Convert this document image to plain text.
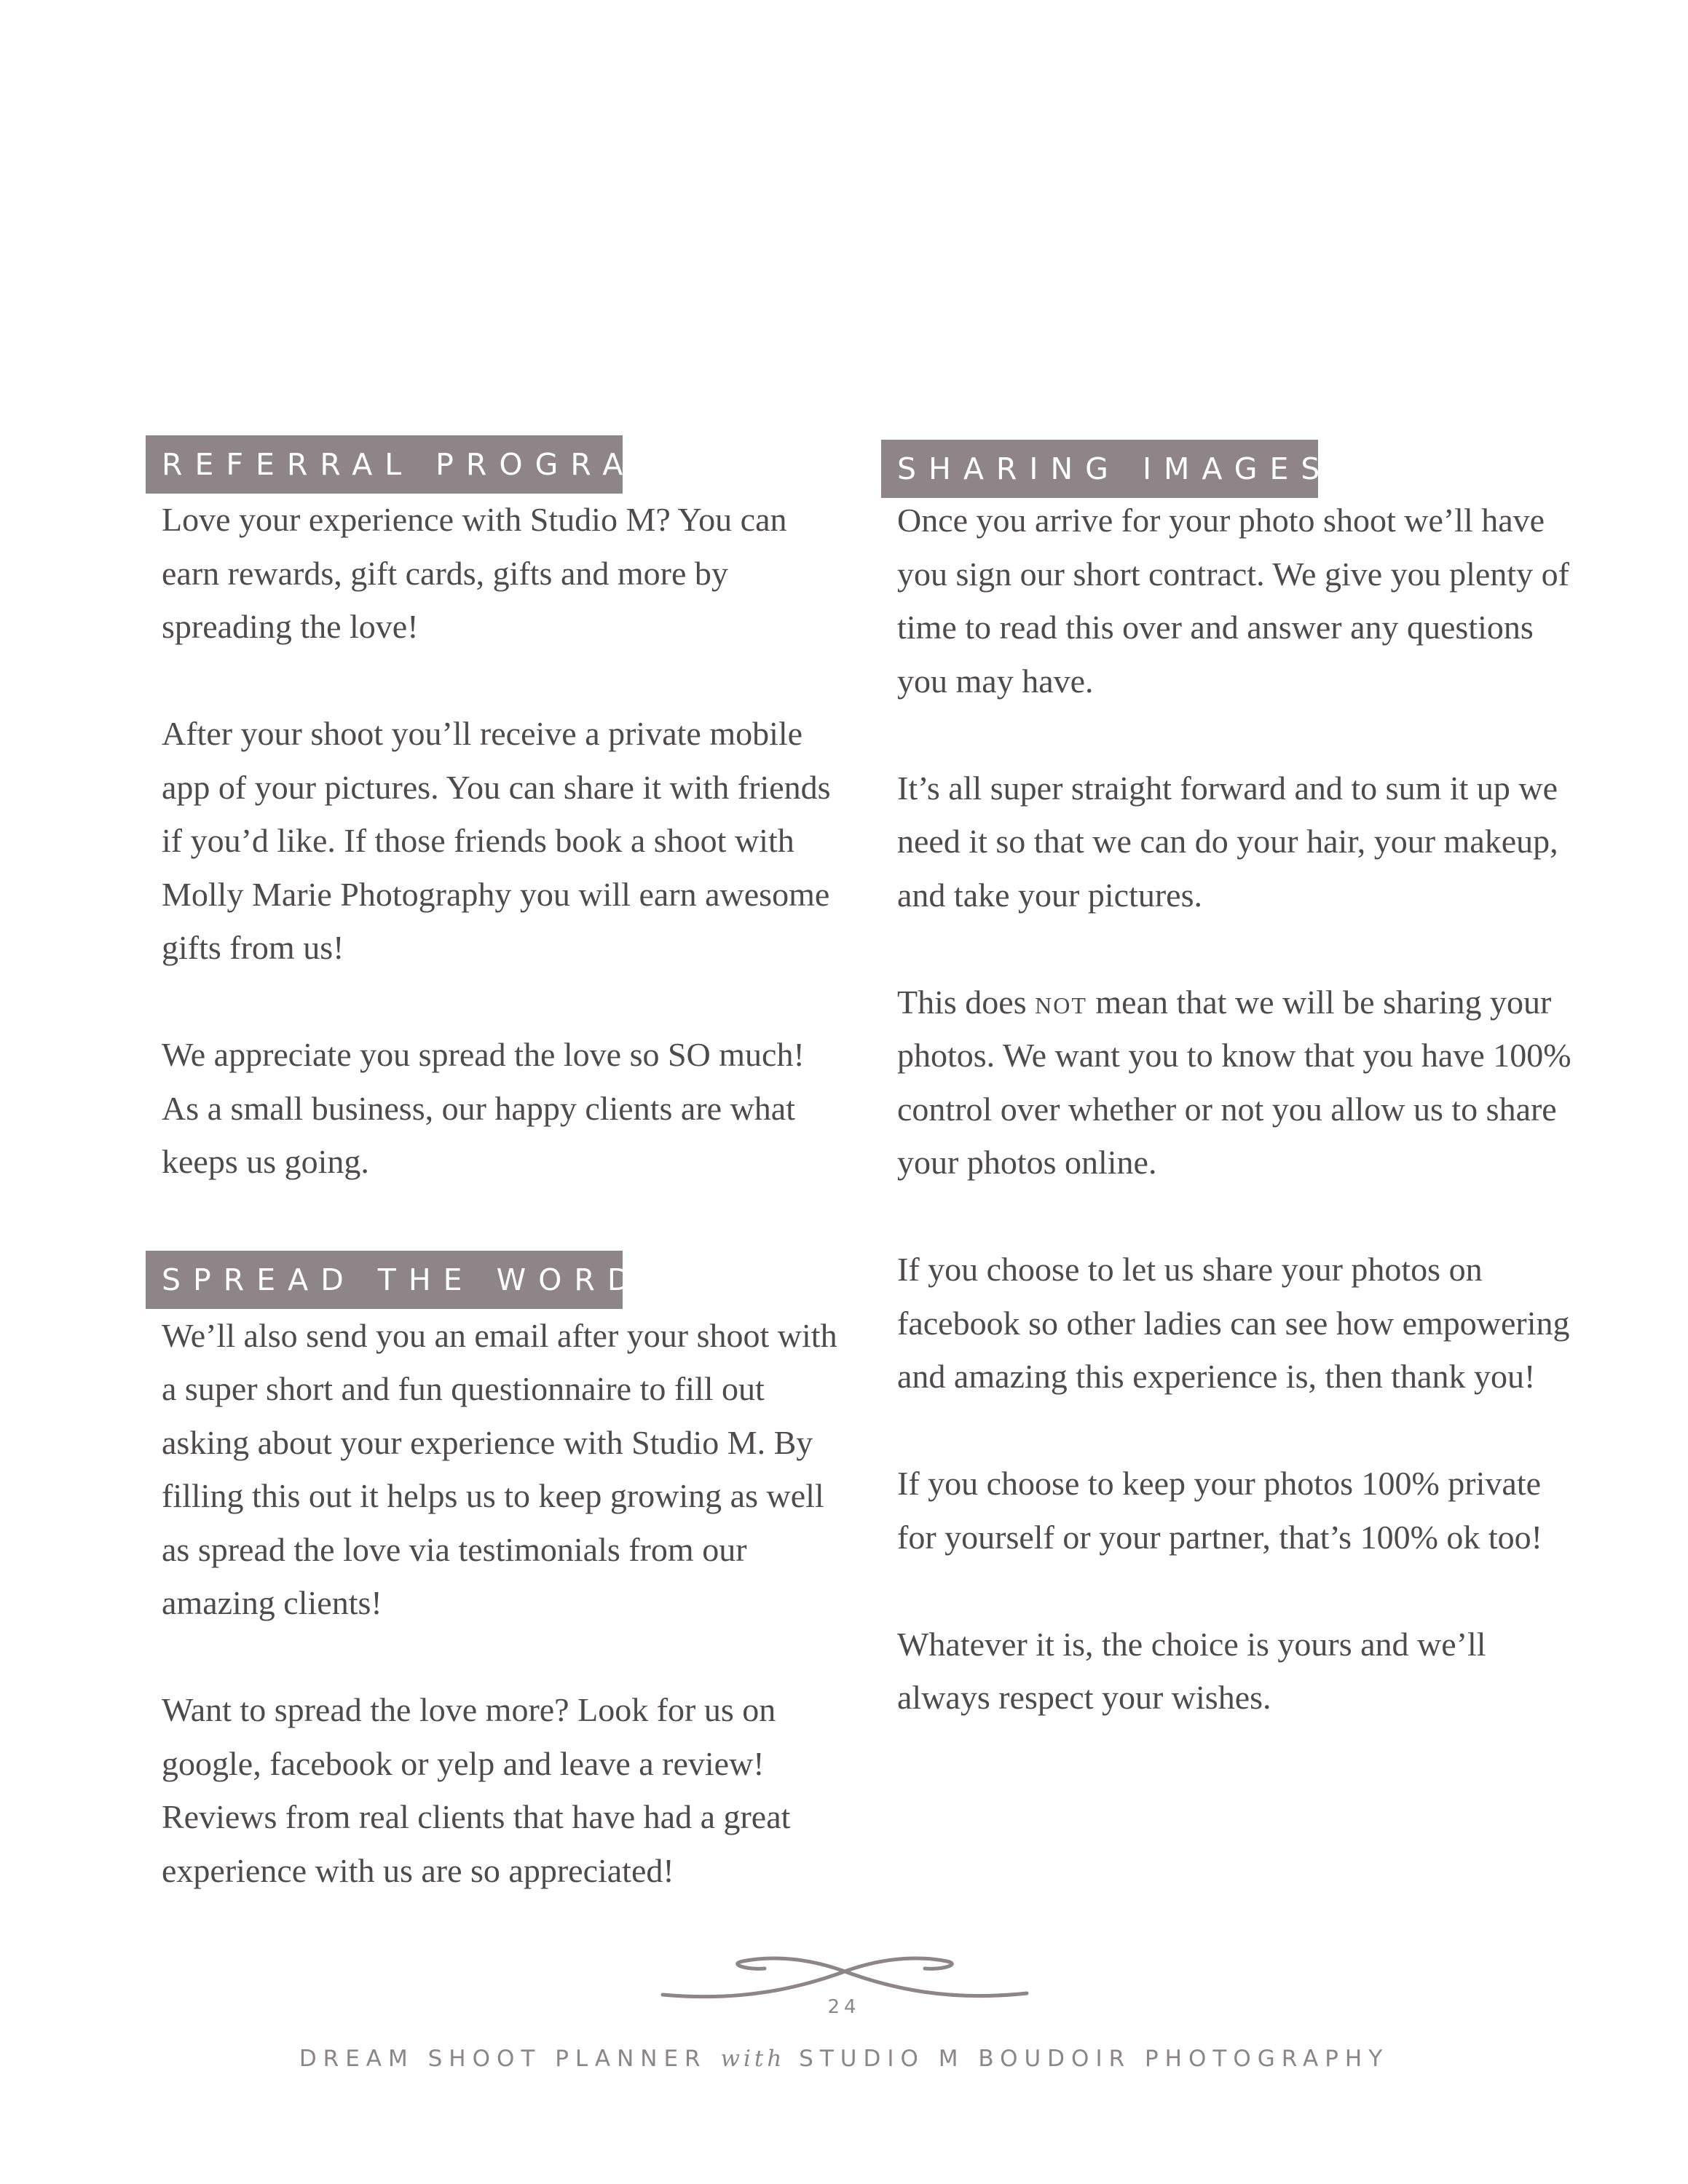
REFERRAL PROGRAM

Love your experience with Studio M? You can earn rewards, gift cards, gifts and more by spreading the love!

After your shoot you’ll receive a private mobile app of your pictures. You can share it with friends if you’d like. If those friends book a shoot with Molly Marie Photography you will earn awesome gifts from us!

We appreciate you spread the love so SO much! As a small business, our happy clients are what keeps us going.

SPREAD THE WORD

We’ll also send you an email after your shoot with a super short and fun questionnaire to fill out asking about your experience with Studio M. By filling this out it helps us to keep growing as well as spread the love via testimonials from our amazing clients!

Want to spread the love more? Look for us on google, facebook or yelp and leave a review! Reviews from real clients that have had a great experience with us are so appreciated!

SHARING IMAGES

Once you arrive for your photo shoot we’ll have you sign our short contract. We give you plenty of time to read this over and answer any questions you may have.

It’s all super straight forward and to sum it up we need it so that we can do your hair, your makeup, and take your pictures.

This does not mean that we will be sharing your photos. We want you to know that you have 100% control over whether or not you allow us to share your photos online.

If you choose to let us share your photos on facebook so other ladies can see how empowering and amazing this experience is, then thank you!

If you choose to keep your photos 100% private for yourself or your partner, that’s 100% ok too!

Whatever it is, the choice is yours and we’ll always respect your wishes.

24
DREAM SHOOT PLANNER with STUDIO M BOUDOIR PHOTOGRAPHY
